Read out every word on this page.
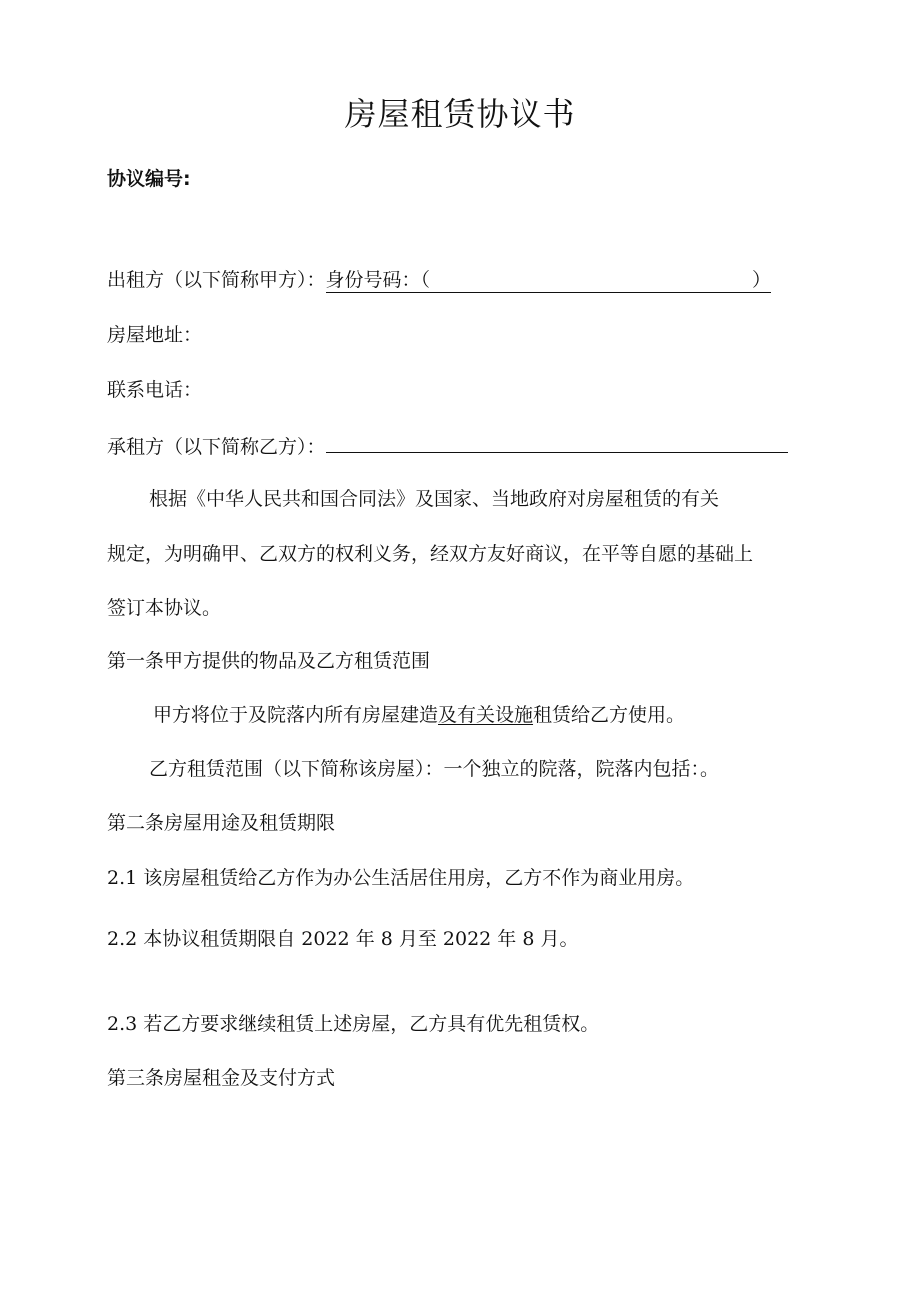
房屋租赁协议书
协议编号:
出租方（以下简称甲方）：身份号码：（	）
房屋地址：
联系电话：
承租方（以下简称乙方）：
根据《中华人民共和国合同法》及国家、当地政府对房屋租赁的有关
规定，为明确甲、乙双方的权利义务，经双方友好商议，在平等自愿的基础上
签订本协议。
第一条甲方提供的物品及乙方租赁范围
甲方将位于及院落内所有房屋建造及有关设施租赁给乙方使用。
乙方租赁范围（以下简称该房屋）：一个独立的院落，院落内包括：。
第二条房屋用途及租赁期限
2.1 该房屋租赁给乙方作为办公生活居住用房，乙方不作为商业用房。
2.2 本协议租赁期限自 2022 年 8 月至 2022 年 8 月。
2.3 若乙方要求继续租赁上述房屋，乙方具有优先租赁权。
第三条房屋租金及支付方式
